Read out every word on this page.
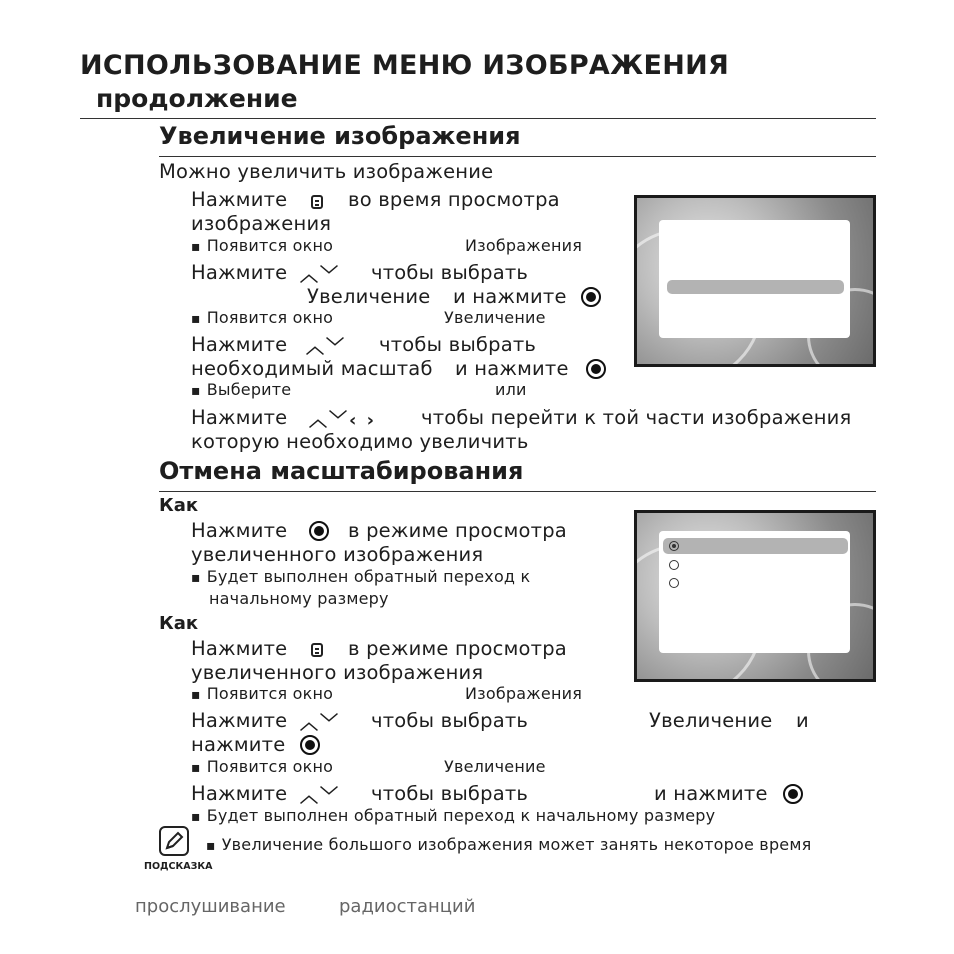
ИСПОЛЬЗОВАНИЕ МЕНЮ ИЗОБРАЖЕНИЯ
продолжение
Увеличение изображения
Можно увеличить изображение
Нажмите	во время просмотра
изображения
▪ Появится окно	Изображения
Нажмите ︿﹀ чтобы выбрать
Увеличение и нажмите
▪ Появится окно	Увеличение
Нажмите ︿﹀ чтобы выбрать
необходимый масштаб и нажмите
▪ Выберите	или
Нажмите ︿﹀‹ › чтобы перейти к той части изображения
которую необходимо увеличить
Отмена масштабирования
Как
Нажмите	в режиме просмотра
увеличенного изображения
▪ Будет выполнен обратный переход к
начальному размеру
Как
Нажмите	в режиме просмотра
увеличенного изображения
▪ Появится окно	Изображения
Нажмите ︿﹀ чтобы выбрать	Увеличение и
нажмите
▪ Появится окно	Увеличение
Нажмите ︿﹀ чтобы выбрать	и нажмите
▪ Будет выполнен обратный переход к начальному размеру
ПОДСКАЗКА
▪ Увеличение большого изображения может занять некоторое время
прослушивание	радиостанций
